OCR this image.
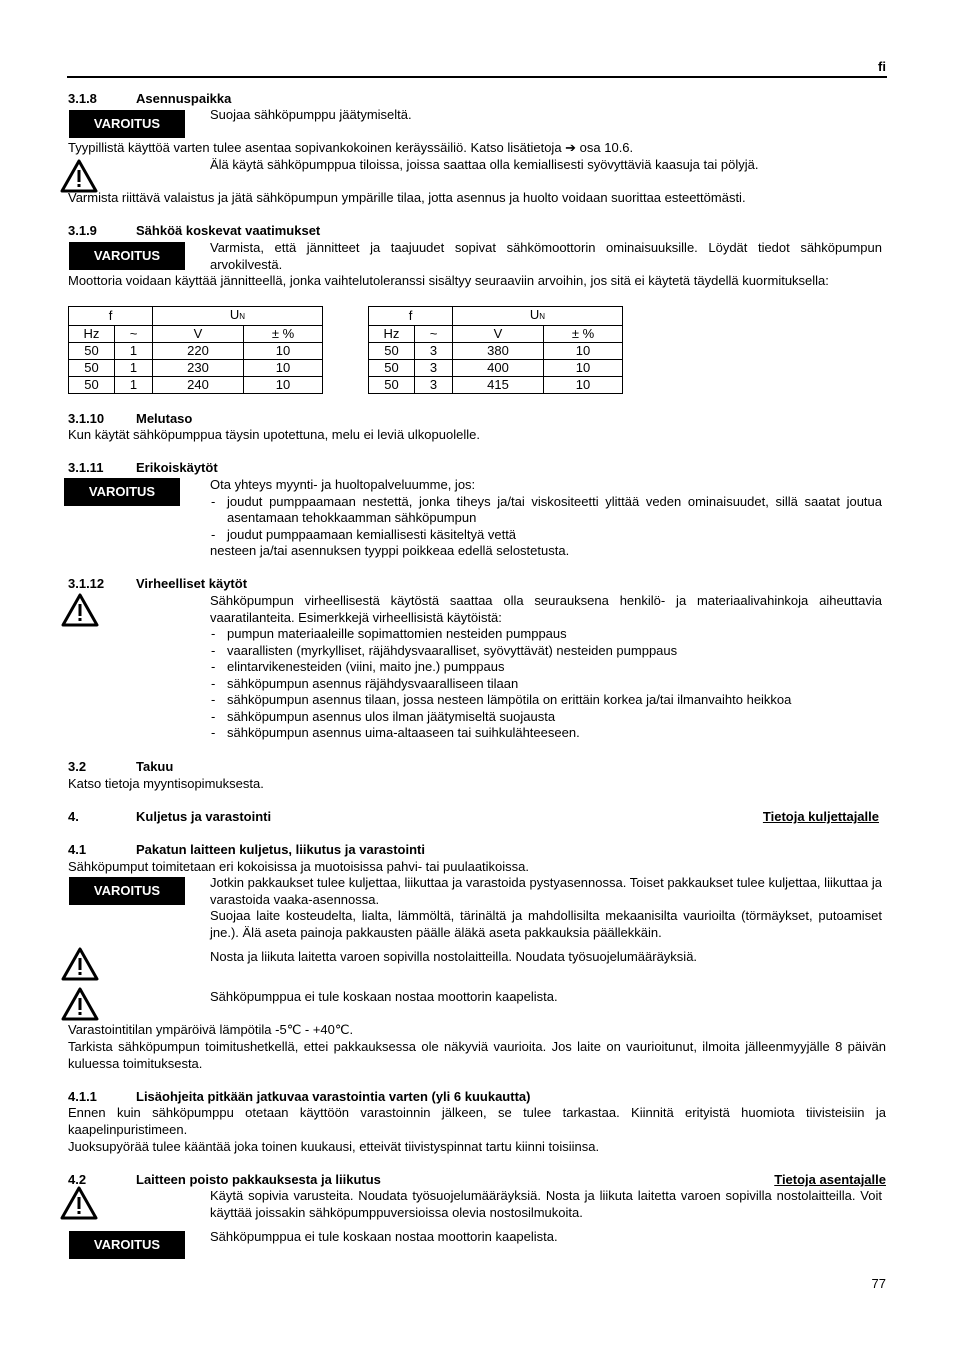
fi
3.1.8	Asennuspaikka
VAROITUS
Suojaa sähköpumppu jäätymiseltä.
Tyypillistä käyttöä varten tulee asentaa sopivankokoinen keräyssäiliö. Katso lisätietoja ➔ osa 10.6.
Älä käytä sähköpumppua tiloissa, joissa saattaa olla kemiallisesti syövyttäviä kaasuja tai pölyjä.
Varmista riittävä valaistus ja jätä sähköpumpun ympärille tilaa, jotta asennus ja huolto voidaan suorittaa esteettömästi.
3.1.9	Sähköä koskevat vaatimukset
VAROITUS
Varmista, että jännitteet ja taajuudet sopivat sähkömoottorin ominaisuuksille. Löydät tiedot sähköpumpun arvokilvestä.
Moottoria voidaan käyttää jännitteellä, jonka vaihtelutoleranssi sisältyy seuraaviin arvoihin, jos sitä ei käytetä täydellä kuormituksella:
f		UN	
Hz	~	V	± %
50	1	220	10
50	1	230	10
50	1	240	10
f		UN	
Hz	~	V	± %
50	3	380	10
50	3	400	10
50	3	415	10
3.1.10 Melutaso
Kun käytät sähköpumppua täysin upotettuna, melu ei leviä ulkopuolelle.
3.1.11	Erikoiskäytöt
VAROITUS	Ota yhteys myynti- ja huoltopalveluumme, jos:
- joudut pumppaamaan nestettä, jonka tiheys ja/tai viskositeetti ylittää veden ominaisuudet, sillä saatat joutua asentamaan tehokkaamman sähköpumpun
- joudut pumppaamaan kemiallisesti käsiteltyä vettä
nesteen ja/tai asennuksen tyyppi poikkeaa edellä selostetusta.
3.1.12 Virheelliset käytöt
Sähköpumpun virheellisestä käytöstä saattaa olla seurauksena henkilö- ja materiaalivahinkoja aiheuttavia vaaratilanteita. Esimerkkejä virheellisistä käytöistä:
- pumpun materiaaleille sopimattomien nesteiden pumppaus
- vaarallisten (myrkylliset, räjähdysvaaralliset, syövyttävät) nesteiden pumppaus
- elintarvikenesteiden (viini, maito jne.) pumppaus
- sähköpumpun asennus räjähdysvaaralliseen tilaan
- sähköpumpun asennus tilaan, jossa nesteen lämpötila on erittäin korkea ja/tai ilmanvaihto heikkoa
- sähköpumpun asennus ulos ilman jäätymiseltä suojausta
- sähköpumpun asennus uima-altaaseen tai suihkulähteeseen.
3.2	Takuu
Katso tietoja myyntisopimuksesta.
4.	Kuljetus ja varastointi	Tietoja kuljettajalle
4.1	Pakatun laitteen kuljetus, liikutus ja varastointi
Sähköpumput toimitetaan eri kokoisissa ja muotoisissa pahvi- tai puulaatikoissa.
VAROITUS
Jotkin pakkaukset tulee kuljettaa, liikuttaa ja varastoida pystyasennossa. Toiset pakkaukset tulee kuljettaa, liikuttaa ja varastoida vaaka-asennossa.
Suojaa laite kosteudelta, lialta, lämmöltä, tärinältä ja mahdollisilta mekaanisilta vaurioilta (törmäykset, putoamiset jne.). Älä aseta painoja pakkausten päälle äläkä aseta pakkauksia päällekkäin.
Nosta ja liikuta laitetta varoen sopivilla nostolaitteilla. Noudata työsuojelumääräyksiä.
Sähköpumppua ei tule koskaan nostaa moottorin kaapelista.
Varastointitilan ympäröivä lämpötila -5℃ - +40℃.
Tarkista sähköpumpun toimitushetkellä, ettei pakkauksessa ole näkyviä vaurioita. Jos laite on vaurioitunut, ilmoita jälleenmyyjälle 8 päivän kuluessa toimituksesta.
4.1.1	Lisäohjeita pitkään jatkuvaa varastointia varten (yli 6 kuukautta)
Ennen kuin sähköpumppu otetaan käyttöön varastoinnin jälkeen, se tulee tarkastaa. Kiinnitä erityistä huomiota tiivisteisiin ja kaapelinpuristimeen.
Juoksupyörää tulee kääntää joka toinen kuukausi, etteivät tiivistyspinnat tartu kiinni toisiinsa.
4.2	Laitteen poisto pakkauksesta ja liikutus	Tietoja asentajalle
Käytä sopivia varusteita. Noudata työsuojelumääräyksiä. Nosta ja liikuta laitetta varoen sopivilla nostolaitteilla. Voit käyttää joissakin sähköpumppuversioissa olevia nostosilmukoita.
VAROITUS
Sähköpumppua ei tule koskaan nostaa moottorin kaapelista.
77
